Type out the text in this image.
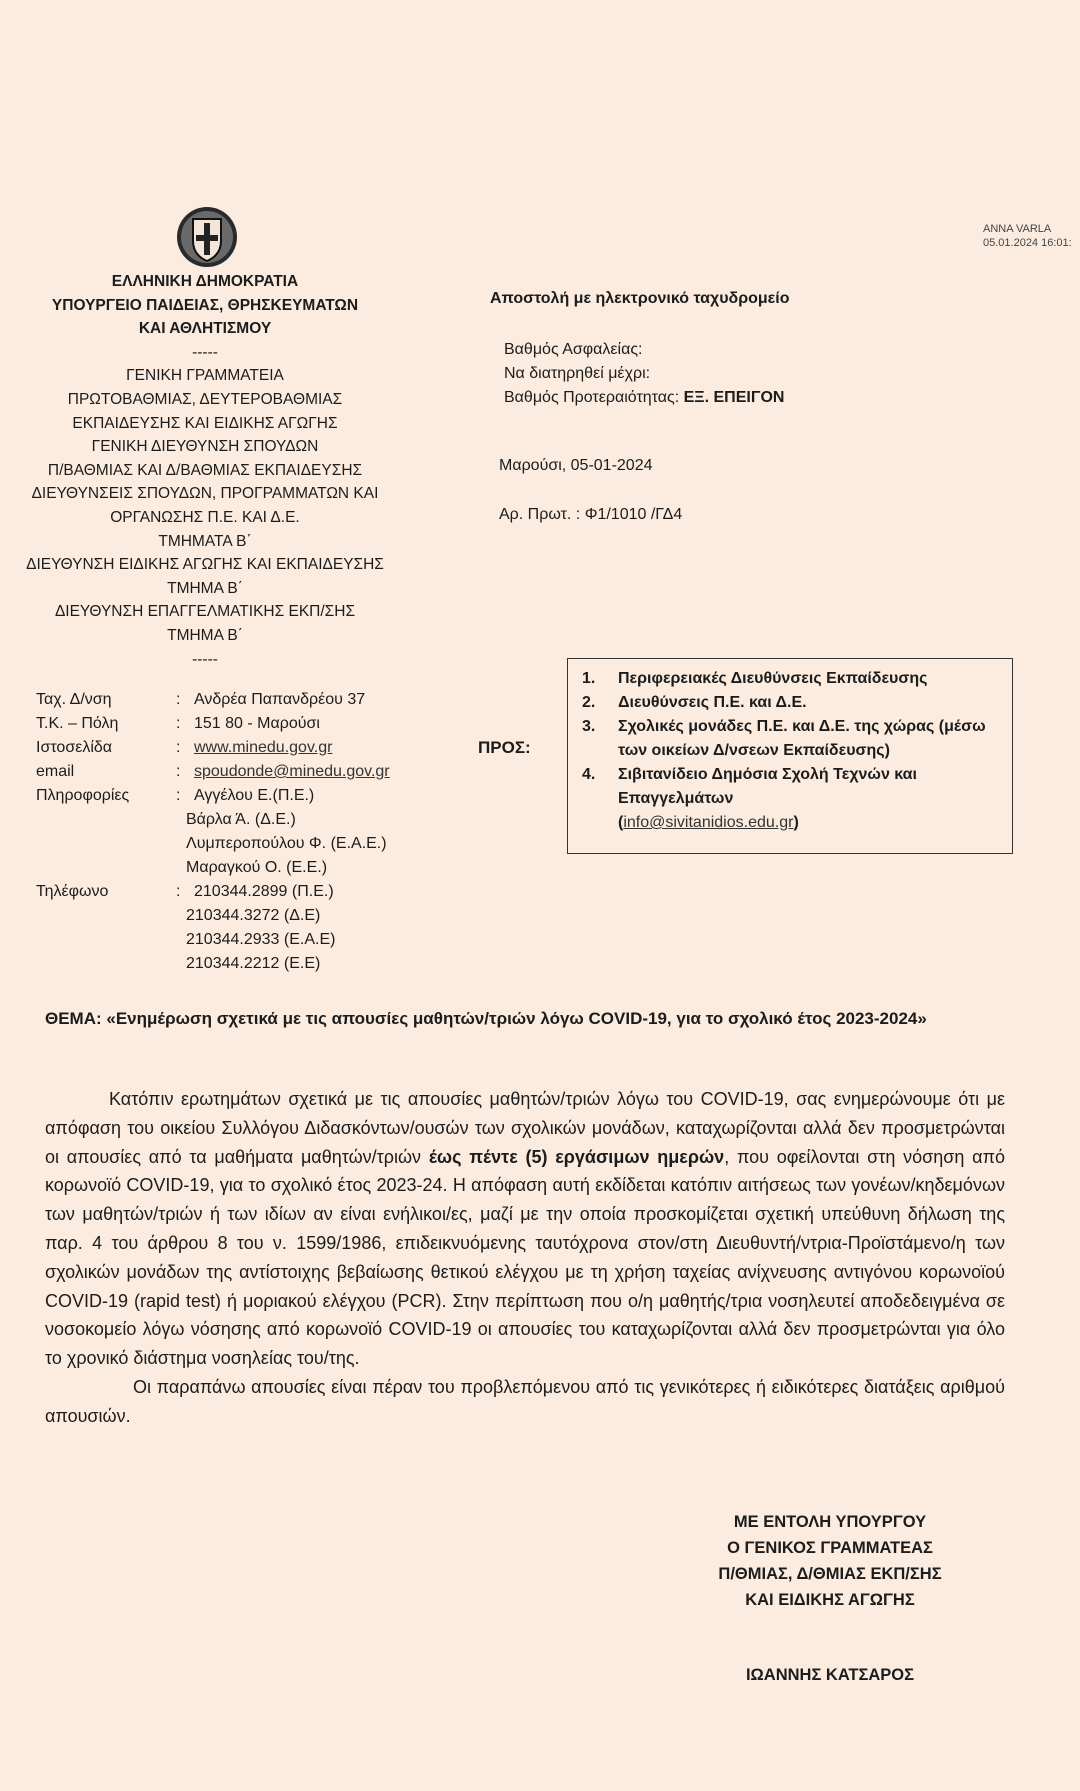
ANNA VARLA
05.01.2024 16:01:
ΕΛΛΗΝΙΚΗ ΔΗΜΟΚΡΑΤΙΑ
ΥΠΟΥΡΓΕΙΟ ΠΑΙΔΕΙΑΣ, ΘΡΗΣΚΕΥΜΑΤΩΝ
ΚΑΙ ΑΘΛΗΤΙΣΜΟΥ
-----
ΓΕΝΙΚΗ ΓΡΑΜΜΑΤΕΙΑ
ΠΡΩΤΟΒΑΘΜΙΑΣ, ΔΕΥΤΕΡΟΒΑΘΜΙΑΣ
ΕΚΠΑΙΔΕΥΣΗΣ ΚΑΙ ΕΙΔΙΚΗΣ ΑΓΩΓΗΣ
ΓΕΝΙΚΗ ΔΙΕΥΘΥΝΣΗ ΣΠΟΥΔΩΝ
Π/ΒΑΘΜΙΑΣ ΚΑΙ Δ/ΒΑΘΜΙΑΣ ΕΚΠΑΙΔΕΥΣΗΣ
ΔΙΕΥΘΥΝΣΕΙΣ ΣΠΟΥΔΩΝ, ΠΡΟΓΡΑΜΜΑΤΩΝ ΚΑΙ
ΟΡΓΑΝΩΣΗΣ Π.Ε. ΚΑΙ Δ.Ε.
ΤΜΗΜΑΤΑ Β΄
ΔΙΕΥΘΥΝΣΗ ΕΙΔΙΚΗΣ ΑΓΩΓΗΣ ΚΑΙ ΕΚΠΑΙΔΕΥΣΗΣ
ΤΜΗΜΑ Β΄
ΔΙΕΥΘΥΝΣΗ ΕΠΑΓΓΕΛΜΑΤΙΚΗΣ ΕΚΠ/ΣΗΣ
ΤΜΗΜΑ Β΄
-----
Αποστολή με ηλεκτρονικό ταχυδρομείο
Βαθμός Ασφαλείας:
Να διατηρηθεί μέχρι:
Βαθμός Προτεραιότητας: ΕΞ. ΕΠΕΙΓΟΝ
Μαρούσι, 05-01-2024
Αρ. Πρωτ. : Φ1/1010 /ΓΔ4
Ταχ. Δ/νση	: Ανδρέα Παπανδρέου 37
Τ.Κ. – Πόλη	: 151 80 - Μαρούσι
Ιστοσελίδα	: www.minedu.gov.gr
email	: spoudonde@minedu.gov.gr
Πληροφορίες	: Αγγέλου Ε.(Π.Ε.)
Βάρλα Ά. (Δ.Ε.)
Λυμπεροπούλου Φ. (Ε.Α.Ε.)
Μαραγκού Ο. (Ε.Ε.)
Τηλέφωνο	: 210344.2899 (Π.Ε.)
210344.3272 (Δ.Ε)
210344.2933 (Ε.Α.Ε)
210344.2212 (Ε.Ε)
ΠΡΟΣ:
1.	Περιφερειακές Διευθύνσεις Εκπαίδευσης
2.	Διευθύνσεις Π.Ε. και Δ.Ε.
3.	Σχολικές μονάδες Π.Ε. και Δ.Ε. της χώρας (μέσω των οικείων Δ/νσεων Εκπαίδευσης)
4.	Σιβιτανίδειο Δημόσια Σχολή Τεχνών και Επαγγελμάτων
(info@sivitanidios.edu.gr)
ΘΕΜΑ: «Ενημέρωση σχετικά με τις απουσίες μαθητών/τριών λόγω COVID-19, για το σχολικό έτος 2023-2024»

Κατόπιν ερωτημάτων σχετικά με τις απουσίες μαθητών/τριών λόγω του COVID-19, σας ενημερώνουμε ότι με απόφαση του οικείου Συλλόγου Διδασκόντων/ουσών των σχολικών μονάδων, καταχωρίζονται αλλά δεν προσμετρώνται οι απουσίες από τα μαθήματα μαθητών/τριών έως πέντε (5) εργάσιμων ημερών, που οφείλονται στη νόσηση από κορωνοϊό COVID-19, για το σχολικό έτος 2023-24. Η απόφαση αυτή εκδίδεται κατόπιν αιτήσεως των γονέων/κηδεμόνων των μαθητών/τριών ή των ιδίων αν είναι ενήλικοι/ες, μαζί με την οποία προσκομίζεται σχετική υπεύθυνη δήλωση της παρ. 4 του άρθρου 8 του ν. 1599/1986, επιδεικνυόμενης ταυτόχρονα στον/στη Διευθυντή/ντρια-Προϊστάμενο/η των σχολικών μονάδων της αντίστοιχης βεβαίωσης θετικού ελέγχου με τη χρήση ταχείας ανίχνευσης αντιγόνου κορωνοϊού COVID-19 (rapid test) ή μοριακού ελέγχου (PCR). Στην περίπτωση που ο/η μαθητής/τρια νοσηλευτεί αποδεδειγμένα σε νοσοκομείο λόγω νόσησης από κορωνοϊό COVID-19 οι απουσίες του καταχωρίζονται αλλά δεν προσμετρώνται για όλο το χρονικό διάστημα νοσηλείας του/της.

Οι παραπάνω απουσίες είναι πέραν του προβλεπόμενου από τις γενικότερες ή ειδικότερες διατάξεις αριθμού απουσιών.

ΜΕ ΕΝΤΟΛΗ ΥΠΟΥΡΓΟΥ
Ο ΓΕΝΙΚΟΣ ΓΡΑΜΜΑΤΕΑΣ
Π/ΘΜΙΑΣ, Δ/ΘΜΙΑΣ ΕΚΠ/ΣΗΣ
ΚΑΙ ΕΙΔΙΚΗΣ ΑΓΩΓΗΣ
ΙΩΑΝΝΗΣ ΚΑΤΣΑΡΟΣ
